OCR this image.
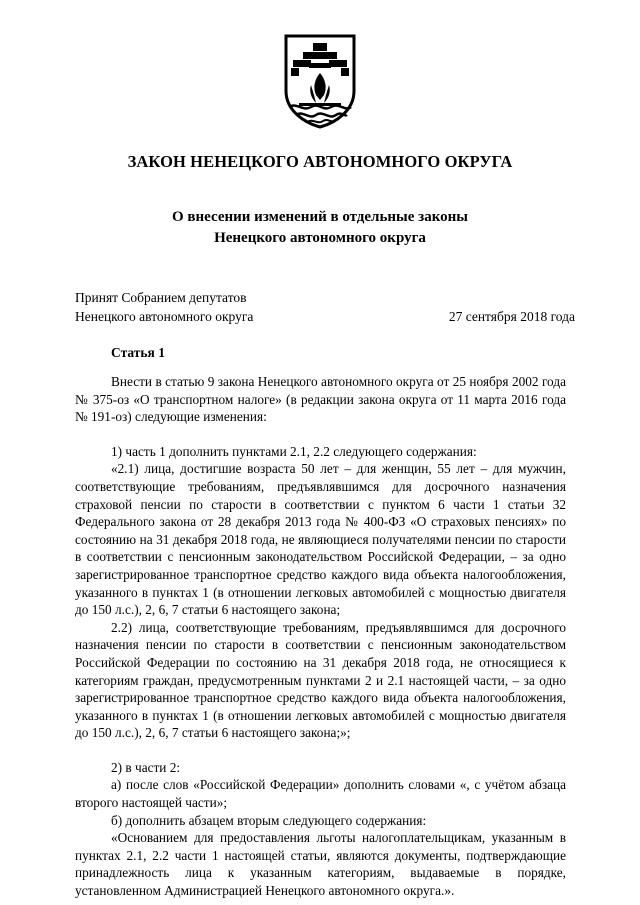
ЗАКОН НЕНЕЦКОГО АВТОНОМНОГО ОКРУГА
О внесении изменений в отдельные законы
Ненецкого автономного округа
Принят Собранием депутатов
Ненецкого автономного округа	27 сентября 2018 года
Статья 1

Внести в статью 9 закона Ненецкого автономного округа от 25 ноября 2002 года № 375-оз «О транспортном налоге» (в редакции закона округа от 11 марта 2016 года № 191-оз) следующие изменения:

1) часть 1 дополнить пунктами 2.1, 2.2 следующего содержания:

«2.1) лица, достигшие возраста 50 лет – для женщин, 55 лет – для мужчин, соответствующие требованиям, предъявлявшимся для досрочного назначения страховой пенсии по старости в соответствии с пунктом 6 части 1 статьи 32 Федерального закона от 28 декабря 2013 года № 400-ФЗ «О страховых пенсиях» по состоянию на 31 декабря 2018 года, не являющиеся получателями пенсии по старости в соответствии с пенсионным законодательством Российской Федерации, – за одно зарегистрированное транспортное средство каждого вида объекта налогообложения, указанного в пунктах 1 (в отношении легковых автомобилей с мощностью двигателя до 150 л.с.), 2, 6, 7 статьи 6 настоящего закона;

2.2) лица, соответствующие требованиям, предъявлявшимся для досрочного назначения пенсии по старости в соответствии с пенсионным законодательством Российской Федерации по состоянию на 31 декабря 2018 года, не относящиеся к категориям граждан, предусмотренным пунктами 2 и 2.1 настоящей части, – за одно зарегистрированное транспортное средство каждого вида объекта налогообложения, указанного в пунктах 1 (в отношении легковых автомобилей с мощностью двигателя до 150 л.с.), 2, 6, 7 статьи 6 настоящего закона;»;

2) в части 2:

а) после слов «Российской Федерации» дополнить словами «, с учётом абзаца второго настоящей части»;

б) дополнить абзацем вторым следующего содержания:

«Основанием для предоставления льготы налогоплательщикам, указанным в пунктах 2.1, 2.2 части 1 настоящей статьи, являются документы, подтверждающие принадлежность лица к указанным категориям, выдаваемые в порядке, установленном Администрацией Ненецкого автономного округа.».
